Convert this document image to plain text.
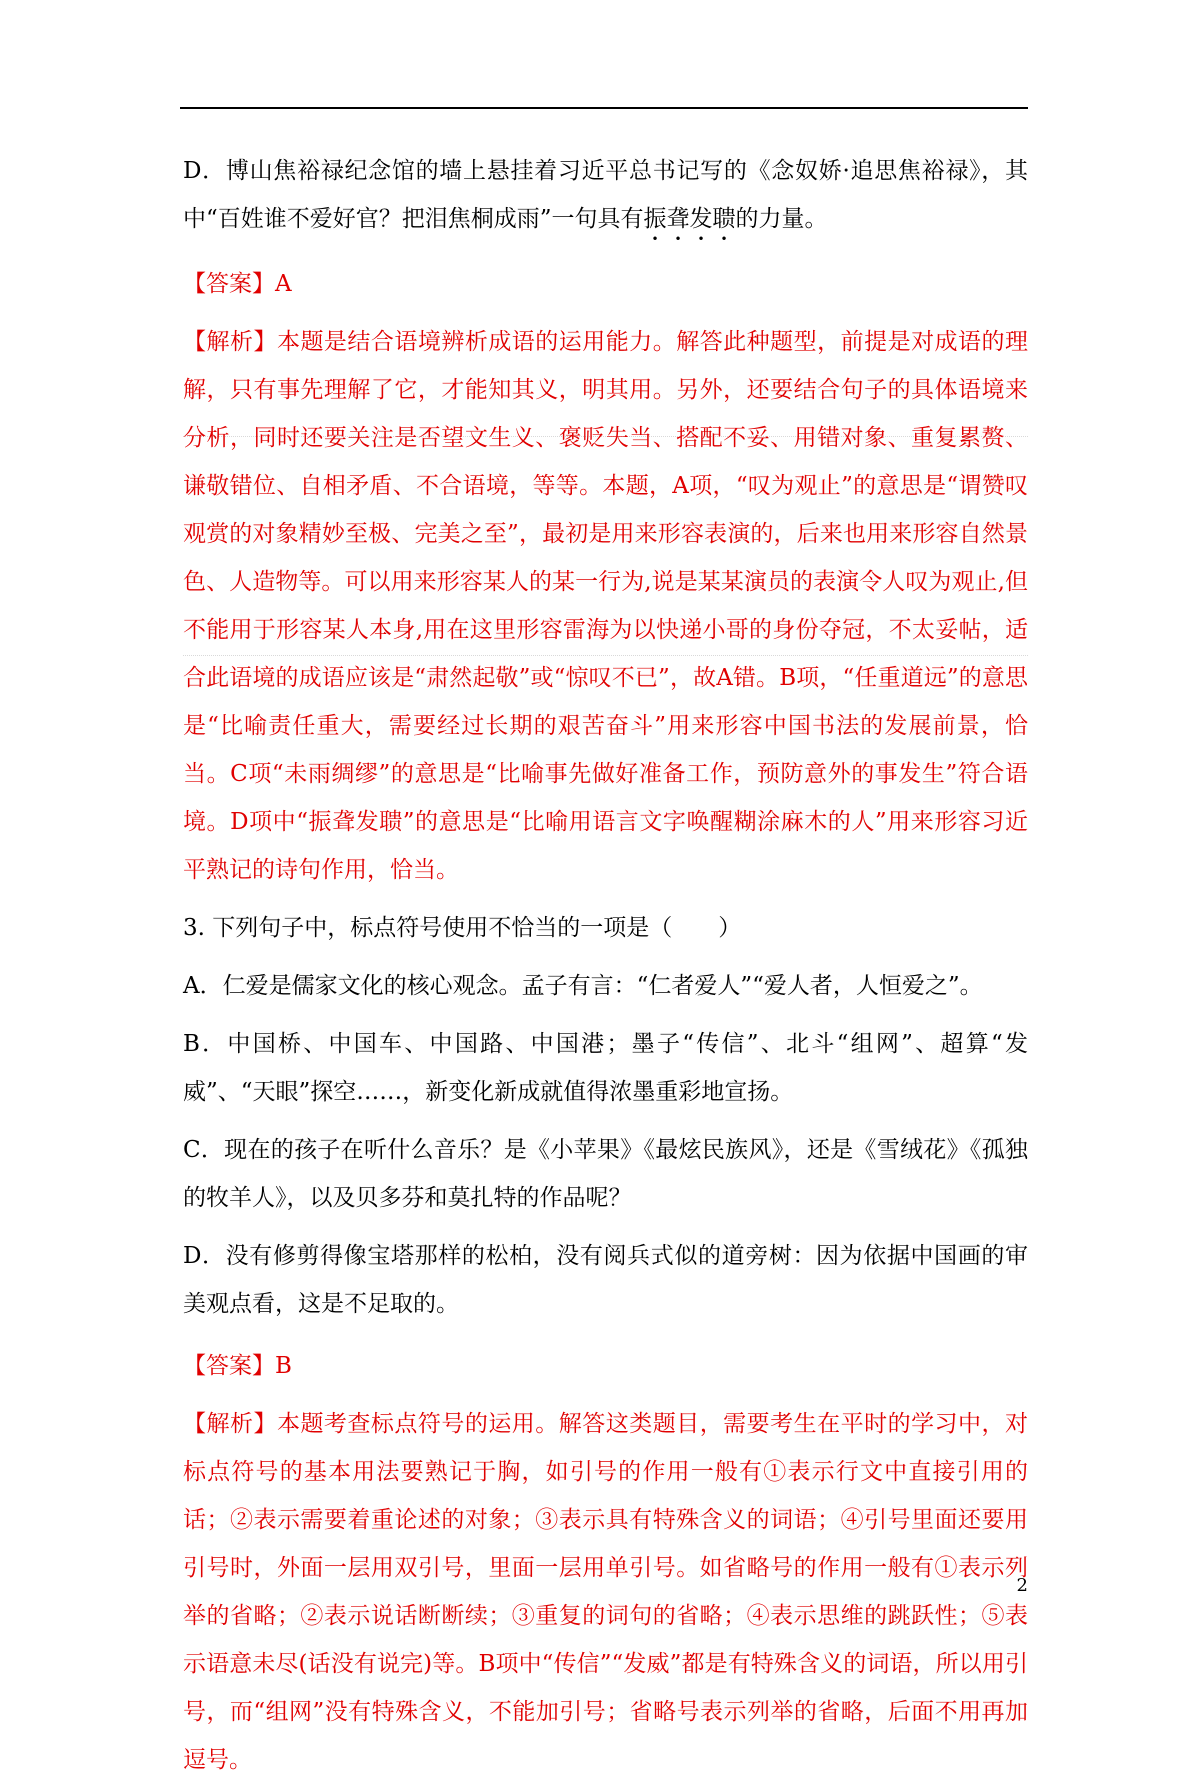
D．博山焦裕禄纪念馆的墙上悬挂着习近平总书记写的《念奴娇·追思焦裕禄》，其中“百姓谁不爱好官？把泪焦桐成雨”一句具有振聋发聩的力量。

【答案】A

【解析】本题是结合语境辨析成语的运用能力。解答此种题型，前提是对成语的理解，只有事先理解了它，才能知其义，明其用。另外，还要结合句子的具体语境来分析，同时还要关注是否望文生义、褒贬失当、搭配不妥、用错对象、重复累赘、谦敬错位、自相矛盾、不合语境，等等。本题，A项，“叹为观止”的意思是“谓赞叹观赏的对象精妙至极、完美之至”，最初是用来形容表演的，后来也用来形容自然景色、人造物等。可以用来形容某人的某一行为,说是某某演员的表演令人叹为观止,但不能用于形容某人本身,用在这里形容雷海为以快递小哥的身份夺冠，不太妥帖，适合此语境的成语应该是“肃然起敬”或“惊叹不已”，故A错。B项，“任重道远”的意思是“比喻责任重大，需要经过长期的艰苦奋斗”用来形容中国书法的发展前景，恰当。C项“未雨绸缪”的意思是“比喻事先做好准备工作，预防意外的事发生”符合语境。D项中“振聋发聩”的意思是“比喻用语言文字唤醒糊涂麻木的人”用来形容习近平熟记的诗句作用，恰当。

3. 下列句子中，标点符号使用不恰当的一项是（　　）

A．仁爱是儒家文化的核心观念。孟子有言：“仁者爱人”“爱人者，人恒爱之”。

B．中国桥、中国车、中国路、中国港；墨子“传信”、北斗“组网”、超算“发威”、“天眼”探空……，新变化新成就值得浓墨重彩地宣扬。

C．现在的孩子在听什么音乐？是《小苹果》《最炫民族风》，还是《雪绒花》《孤独的牧羊人》，以及贝多芬和莫扎特的作品呢？

D．没有修剪得像宝塔那样的松柏，没有阅兵式似的道旁树：因为依据中国画的审美观点看，这是不足取的。

【答案】B

【解析】本题考查标点符号的运用。解答这类题目，需要考生在平时的学习中，对标点符号的基本用法要熟记于胸，如引号的作用一般有①表示行文中直接引用的话；②表示需要着重论述的对象；③表示具有特殊含义的词语；④引号里面还要用引号时，外面一层用双引号，里面一层用单引号。如省略号的作用一般有①表示列举的省略；②表示说话断断续；③重复的词句的省略；④表示思维的跳跃性；⑤表示语意未尽(话没有说完)等。B项中“传信”“发威”都是有特殊含义的词语，所以用引号，而“组网”没有特殊含义，不能加引号；省略号表示列举的省略，后面不用再加逗号。

2
